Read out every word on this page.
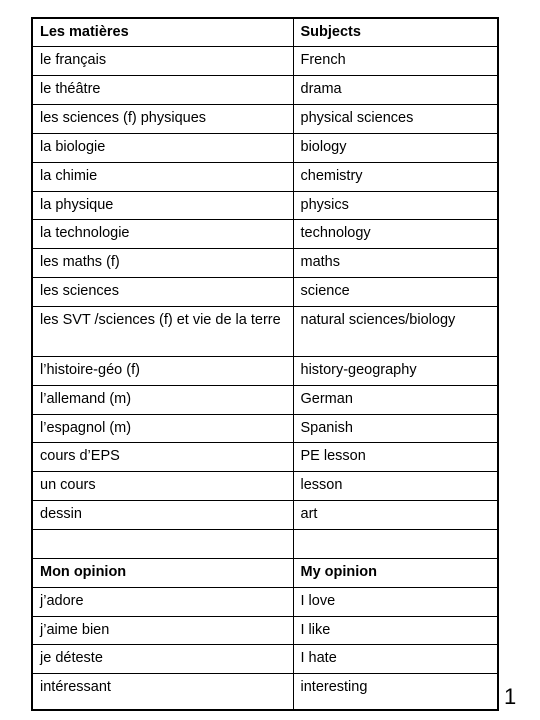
Les matières	Subjects
le français	French
le théâtre	drama
les sciences (f) physiques	physical sciences
la biologie	biology
la chimie	chemistry
la physique	physics
la technologie	technology
les maths (f)	maths
les sciences	science
les SVT /sciences (f) et vie de la terre	natural sciences/biology
l’histoire-géo (f)	history-geography
l’allemand (m)	German
l’espagnol (m)	Spanish
cours d’EPS	PE lesson
un cours	lesson
dessin	art

Mon opinion	My opinion
j’adore	I love
j’aime bien	I like
je déteste	I hate
intéressant	interesting	1
